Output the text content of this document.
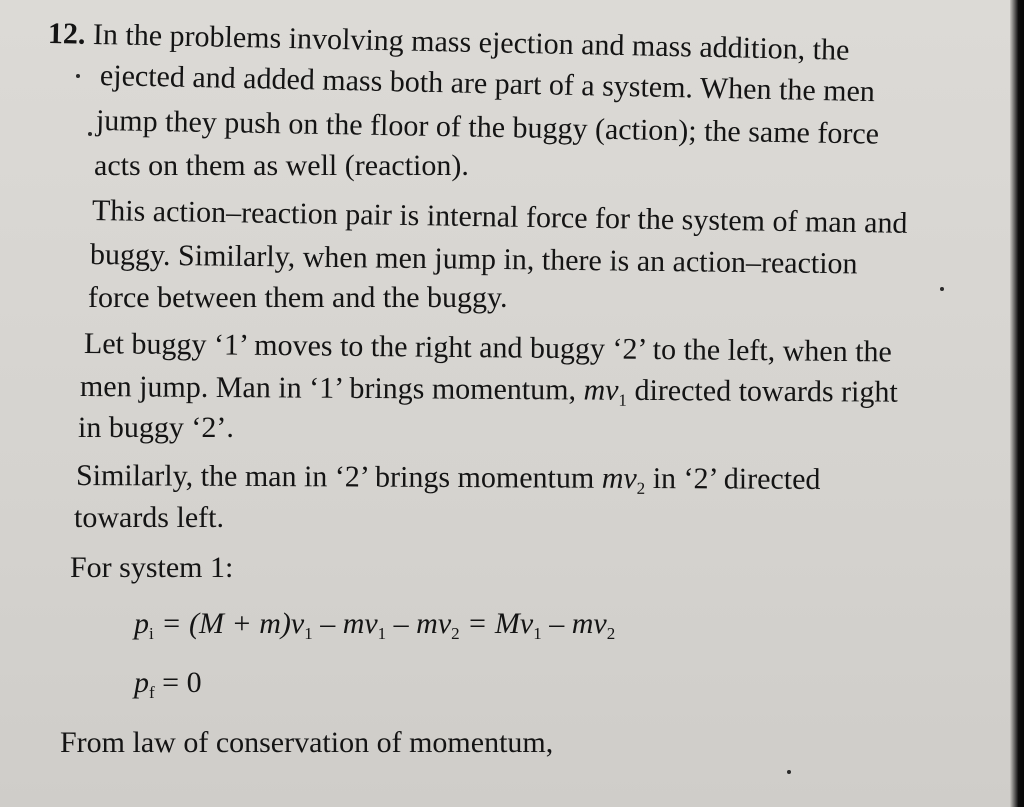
12. In the problems involving mass ejection and mass addition, the
ejected and added mass both are part of a system. When the men
jump they push on the floor of the buggy (action); the same force
acts on them as well (reaction).
This action–reaction pair is internal force for the system of man and
buggy. Similarly, when men jump in, there is an action–reaction
force between them and the buggy.
Let buggy ‘1’ moves to the right and buggy ‘2’ to the left, when the
men jump. Man in ‘1’ brings momentum, $mv_1$ directed towards right
in buggy ‘2’.
Similarly, the man in ‘2’ brings momentum $mv_2$ in ‘2’ directed
towards left.
For system 1:
$p_i = (M + m)v_1 - mv_1 - mv_2 = Mv_1 - mv_2$
$p_f = 0$
From law of conservation of momentum,
